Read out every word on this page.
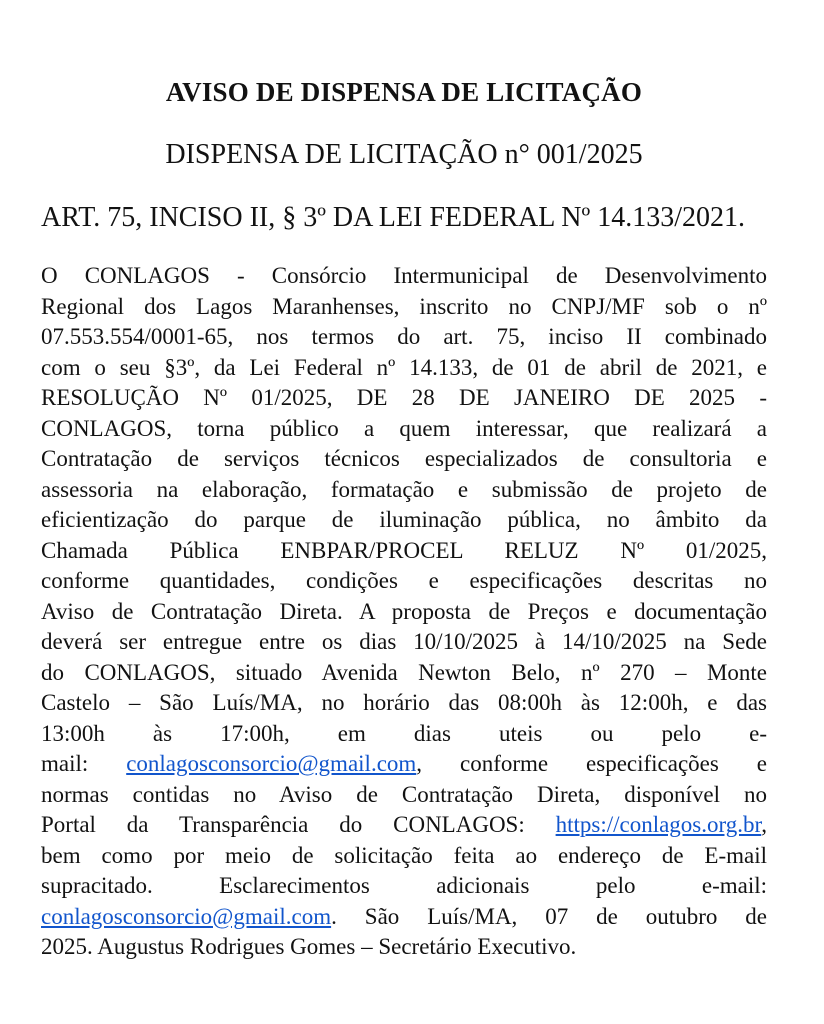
AVISO DE DISPENSA DE LICITAÇÃO
DISPENSA DE LICITAÇÃO n° 001/2025
ART. 75, INCISO II, § 3º DA LEI FEDERAL Nº 14.133/2021.
O CONLAGOS - Consórcio Intermunicipal de Desenvolvimento
Regional dos Lagos Maranhenses, inscrito no CNPJ/MF sob o nº
07.553.554/0001-65, nos termos do art. 75, inciso II combinado
com o seu §3º, da Lei Federal nº 14.133, de 01 de abril de 2021, e
RESOLUÇÃO Nº 01/2025, DE 28 DE JANEIRO DE 2025 -
CONLAGOS, torna público a quem interessar, que realizará a
Contratação de serviços técnicos especializados de consultoria e
assessoria na elaboração, formatação e submissão de projeto de
eficientização do parque de iluminação pública, no âmbito da
Chamada Pública ENBPAR/PROCEL RELUZ Nº 01/2025,
conforme quantidades, condições e especificações descritas no
Aviso de Contratação Direta. A proposta de Preços e documentação
deverá ser entregue entre os dias 10/10/2025 à 14/10/2025 na Sede
do CONLAGOS, situado Avenida Newton Belo, nº 270 – Monte
Castelo – São Luís/MA, no horário das 08:00h às 12:00h, e das
13:00h às 17:00h, em dias uteis ou pelo e-
mail: conlagosconsorcio@gmail.com, conforme especificações e
normas contidas no Aviso de Contratação Direta, disponível no
Portal da Transparência do CONLAGOS: https://conlagos.org.br,
bem como por meio de solicitação feita ao endereço de E-mail
supracitado. Esclarecimentos adicionais pelo e-mail:
conlagosconsorcio@gmail.com. São Luís/MA, 07 de outubro de
2025. Augustus Rodrigues Gomes – Secretário Executivo.
